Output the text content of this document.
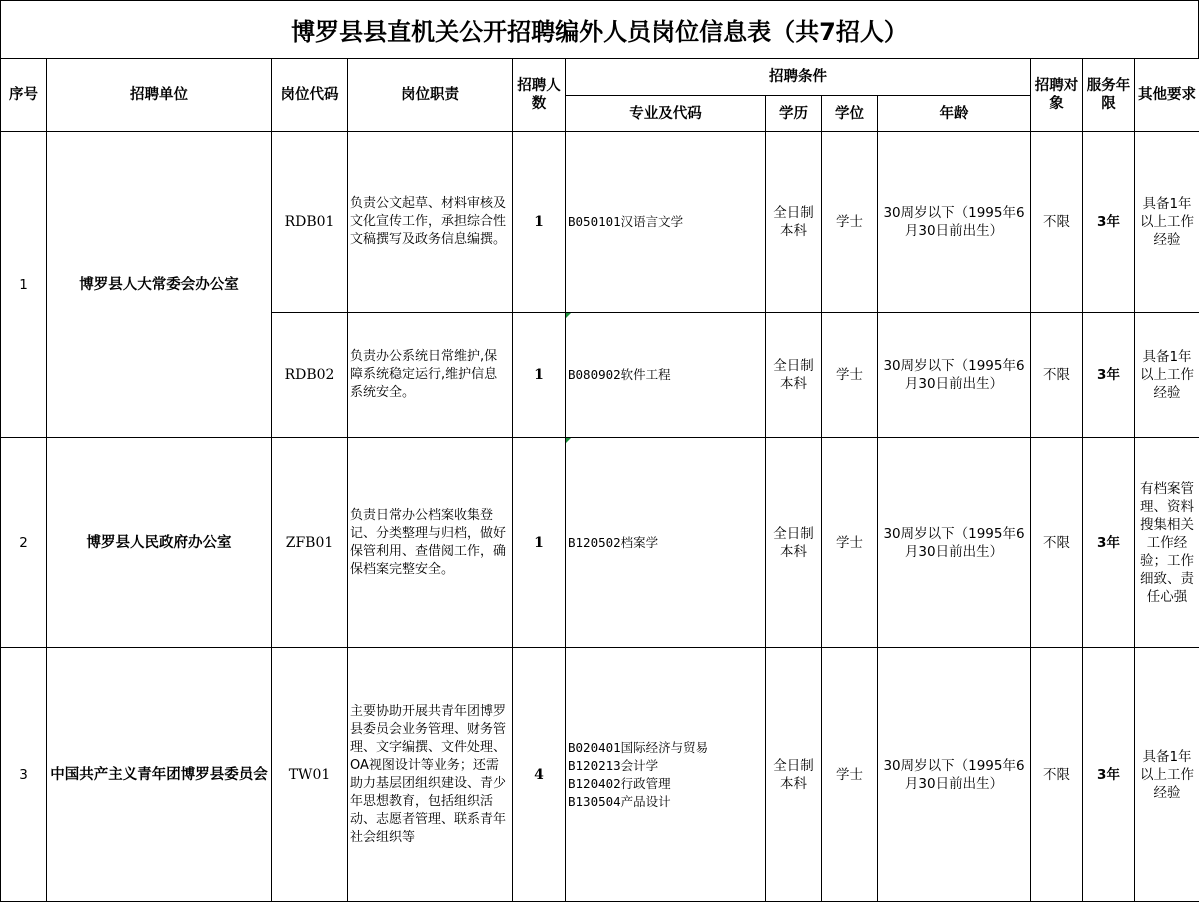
博罗县县直机关公开招聘编外人员岗位信息表（共7招人）
序号	招聘单位	岗位代码	岗位职责	招聘人数	招聘条件				招聘对象	服务年限	其他要求
					专业及代码	学历	学位	年龄			
1	博罗县人大常委会办公室	RDB01	负责公文起草、材料审核及文化宣传工作，承担综合性文稿撰写及政务信息编撰。	1	B050101汉语言文学	全日制本科	学士	30周岁以下（1995年6月30日前出生）	不限	3年	具备1年以上工作经验
		RDB02	负责办公系统日常维护,保障系统稳定运行,维护信息系统安全。	1	B080902软件工程	全日制本科	学士	30周岁以下（1995年6月30日前出生）	不限	3年	具备1年以上工作经验
2	博罗县人民政府办公室	ZFB01	负责日常办公档案收集登记、分类整理与归档，做好保管利用、查借阅工作，确保档案完整安全。	1	B120502档案学	全日制本科	学士	30周岁以下（1995年6月30日前出生）	不限	3年	有档案管理、资料搜集相关工作经验；工作细致、责任心强
3	中国共产主义青年团博罗县委员会	TW01	主要协助开展共青年团博罗县委员会业务管理、财务管理、文字编撰、文件处理、OA视图设计等业务；还需助力基层团组织建设、青少年思想教育，包括组织活动、志愿者管理、联系青年社会组织等	4	B020401国际经济与贸易
B120213会计学
B120402行政管理
B130504产品设计	全日制本科	学士	30周岁以下（1995年6月30日前出生）	不限	3年	具备1年以上工作经验
